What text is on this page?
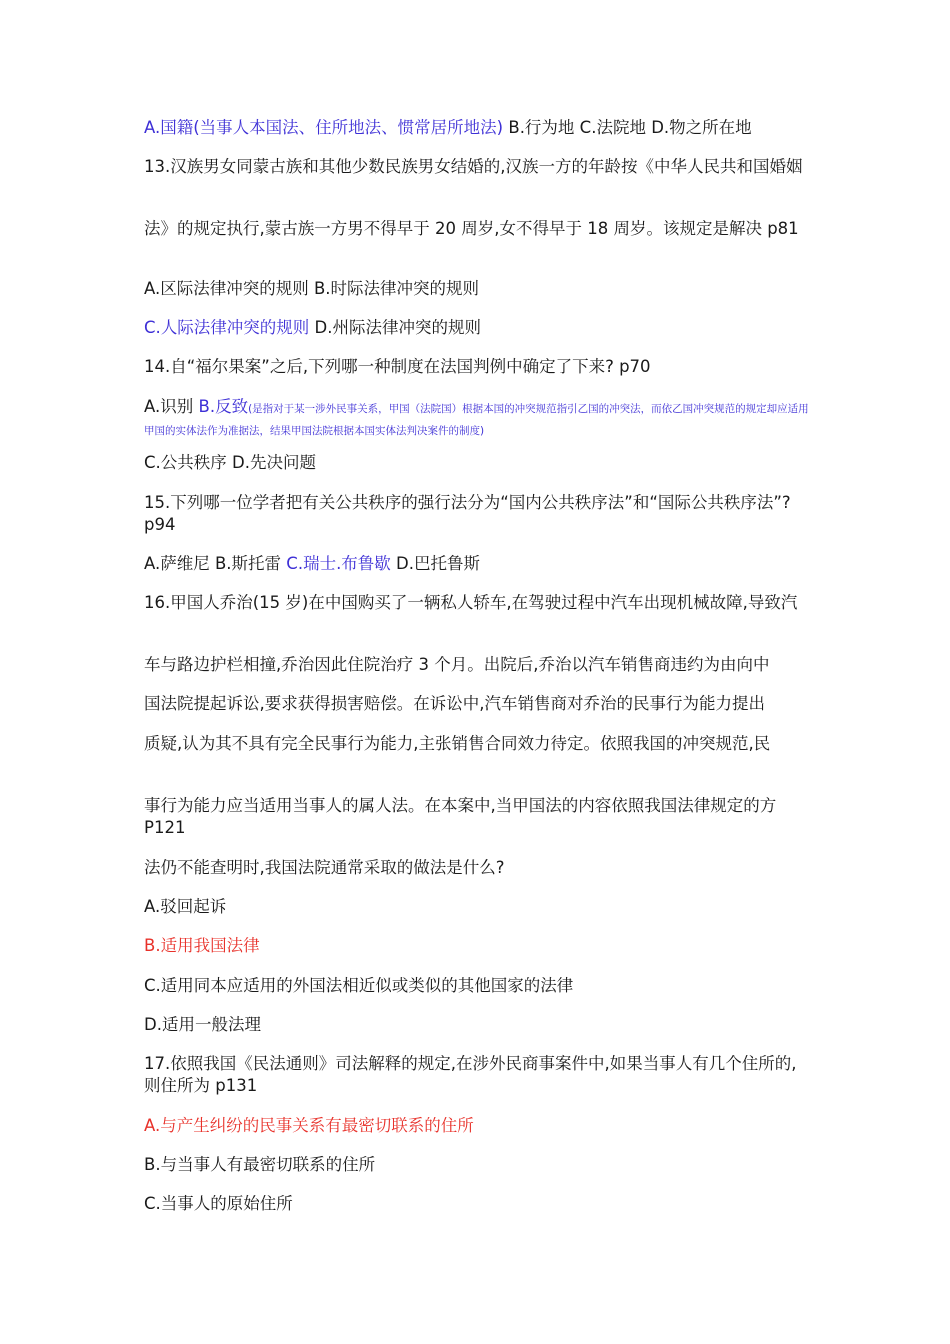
A.国籍(当事人本国法、住所地法、惯常居所地法) B.行为地 C.法院地 D.物之所在地
13.汉族男女同蒙古族和其他少数民族男女结婚的,汉族一方的年龄按《中华人民共和国婚姻
法》的规定执行,蒙古族一方男不得早于 20 周岁,女不得早于 18 周岁。该规定是解决 p81
A.区际法律冲突的规则 B.时际法律冲突的规则
C.人际法律冲突的规则 D.州际法律冲突的规则
14.自“福尔果案”之后,下列哪一种制度在法国判例中确定了下来? p70
A.识别 B.反致(是指对于某一涉外民事关系，甲国（法院国）根据本国的冲突规范指引乙国的冲突法，而依乙国冲突规范的规定却应适用甲国的实体法作为准据法，结果甲国法院根据本国实体法判决案件的制度)
C.公共秩序 D.先决问题
15.下列哪一位学者把有关公共秩序的强行法分为“国内公共秩序法”和“国际公共秩序法”?p94
A.萨维尼 B.斯托雷 C.瑞士.布鲁歇 D.巴托鲁斯
16.甲国人乔治(15 岁)在中国购买了一辆私人轿车,在驾驶过程中汽车出现机械故障,导致汽
车与路边护栏相撞,乔治因此住院治疗 3 个月。出院后,乔治以汽车销售商违约为由向中
国法院提起诉讼,要求获得损害赔偿。在诉讼中,汽车销售商对乔治的民事行为能力提出
质疑,认为其不具有完全民事行为能力,主张销售合同效力待定。依照我国的冲突规范,民
事行为能力应当适用当事人的属人法。在本案中,当甲国法的内容依照我国法律规定的方 P121
法仍不能查明时,我国法院通常采取的做法是什么?
A.驳回起诉
B.适用我国法律
C.适用同本应适用的外国法相近似或类似的其他国家的法律
D.适用一般法理
17.依照我国《民法通则》司法解释的规定,在涉外民商事案件中,如果当事人有几个住所的,则住所为 p131
A.与产生纠纷的民事关系有最密切联系的住所
B.与当事人有最密切联系的住所
C.当事人的原始住所
